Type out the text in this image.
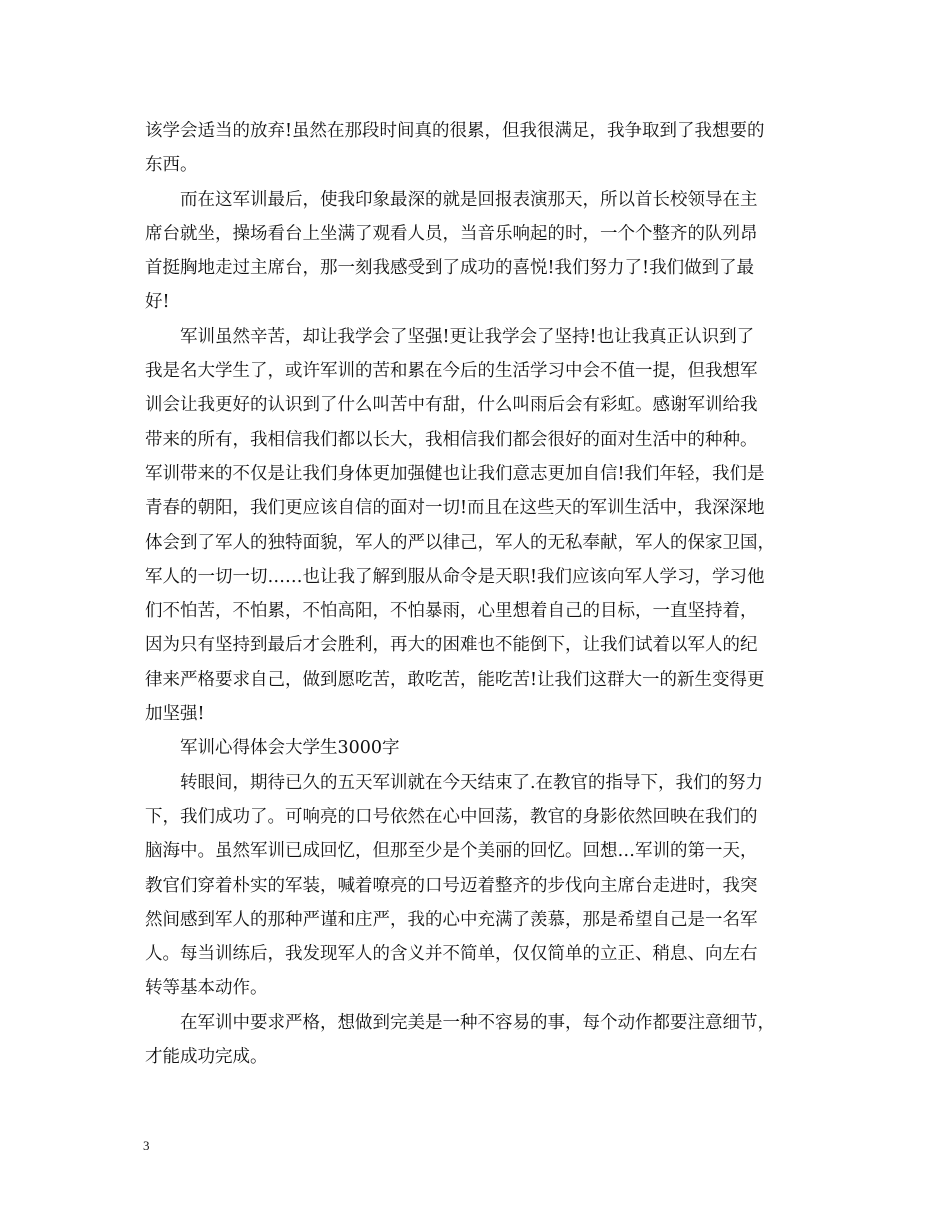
该学会适当的放弃!虽然在那段时间真的很累，但我很满足，我争取到了我想要的
东西。
而在这军训最后，使我印象最深的就是回报表演那天，所以首长校领导在主
席台就坐，操场看台上坐满了观看人员，当音乐响起的时，一个个整齐的队列昂
首挺胸地走过主席台，那一刻我感受到了成功的喜悦!我们努力了!我们做到了最
好!
军训虽然辛苦，却让我学会了坚强!更让我学会了坚持!也让我真正认识到了
我是名大学生了，或许军训的苦和累在今后的生活学习中会不值一提，但我想军
训会让我更好的认识到了什么叫苦中有甜，什么叫雨后会有彩虹。感谢军训给我
带来的所有，我相信我们都以长大，我相信我们都会很好的面对生活中的种种。
军训带来的不仅是让我们身体更加强健也让我们意志更加自信!我们年轻，我们是
青春的朝阳，我们更应该自信的面对一切!而且在这些天的军训生活中，我深深地
体会到了军人的独特面貌，军人的严以律己，军人的无私奉献，军人的保家卫国，
军人的一切一切……也让我了解到服从命令是天职!我们应该向军人学习，学习他
们不怕苦，不怕累，不怕高阳，不怕暴雨，心里想着自己的目标，一直坚持着，
因为只有坚持到最后才会胜利，再大的困难也不能倒下，让我们试着以军人的纪
律来严格要求自己，做到愿吃苦，敢吃苦，能吃苦!让我们这群大一的新生变得更
加坚强!
军训心得体会大学生3000字
转眼间，期待已久的五天军训就在今天结束了.在教官的指导下，我们的努力
下，我们成功了。可响亮的口号依然在心中回荡，教官的身影依然回映在我们的
脑海中。虽然军训已成回忆，但那至少是个美丽的回忆。回想…军训的第一天，
教官们穿着朴实的军装，喊着嘹亮的口号迈着整齐的步伐向主席台走进时，我突
然间感到军人的那种严谨和庄严，我的心中充满了羡慕，那是希望自己是一名军
人。每当训练后，我发现军人的含义并不简单，仅仅简单的立正、稍息、向左右
转等基本动作。
在军训中要求严格，想做到完美是一种不容易的事，每个动作都要注意细节，
才能成功完成。
3
